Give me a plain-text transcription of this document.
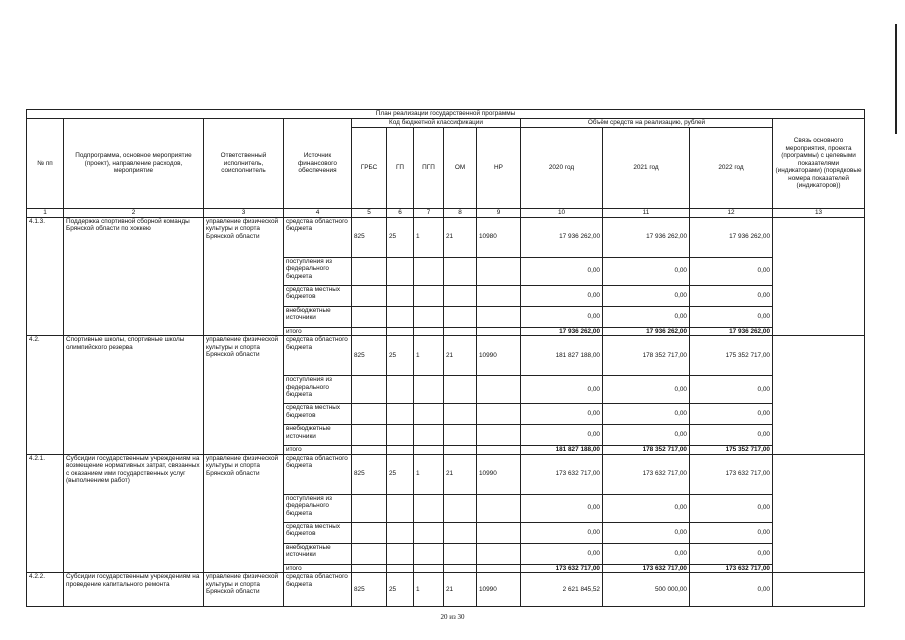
План реализации государственной программы												
№ пп	Подпрограмма, основное мероприятие (проект), направление расходов, мероприятие	Ответственный исполнитель, соисполнитель	Источник финансового обеспечения	Код бюджетной классификации					Объём средств на реализацию, рублей			Связь основного мероприятия, проекта (программы) с целевыми показателями (индикаторами) (порядковые номера показателей (индикаторов))
				ГРБС	ГП	ПГП	ОМ	НР	2020 год	2021 год	2022 год	
1	2	3	4	5	6	7	8	9	10	11	12	13
4.1.3.	Поддержка спортивной сборной команды Брянской области по хоккею	управление физической культуры и спорта Брянской области	средства областного бюджета	825	25	1	21	10980	17 936 262,00	17 936 262,00	17 936 262,00	
			поступления из федерального бюджета						0,00	0,00	0,00	
			средства местных бюджетов						0,00	0,00	0,00	
			внебюджетные источники						0,00	0,00	0,00	
			итого						17 936 262,00	17 936 262,00	17 936 262,00	
4.2.	Спортивные школы, спортивные школы олимпийского резерва	управление физической культуры и спорта Брянской области	средства областного бюджета	825	25	1	21	10990	181 827 188,00	178 352 717,00	175 352 717,00	
			поступления из федерального бюджета						0,00	0,00	0,00	
			средства местных бюджетов						0,00	0,00	0,00	
			внебюджетные источники						0,00	0,00	0,00	
			итого						181 827 188,00	178 352 717,00	175 352 717,00	
4.2.1.	Субсидии государственным учреждениям на возмещение нормативных затрат, связанных с оказанием ими государственных услуг (выполнением работ)	управление физической культуры и спорта Брянской области	средства областного бюджета	825	25	1	21	10990	173 632 717,00	173 632 717,00	173 632 717,00	
			поступления из федерального бюджета						0,00	0,00	0,00	
			средства местных бюджетов						0,00	0,00	0,00	
			внебюджетные источники						0,00	0,00	0,00	
			итого						173 632 717,00	173 632 717,00	173 632 717,00	
4.2.2.	Субсидии государственным учреждениям на проведение капитального ремонта	управление физической культуры и спорта Брянской области	средства областного бюджета	825	25	1	21	10990	2 621 845,52	500 000,00	0,00	
20 из 30
